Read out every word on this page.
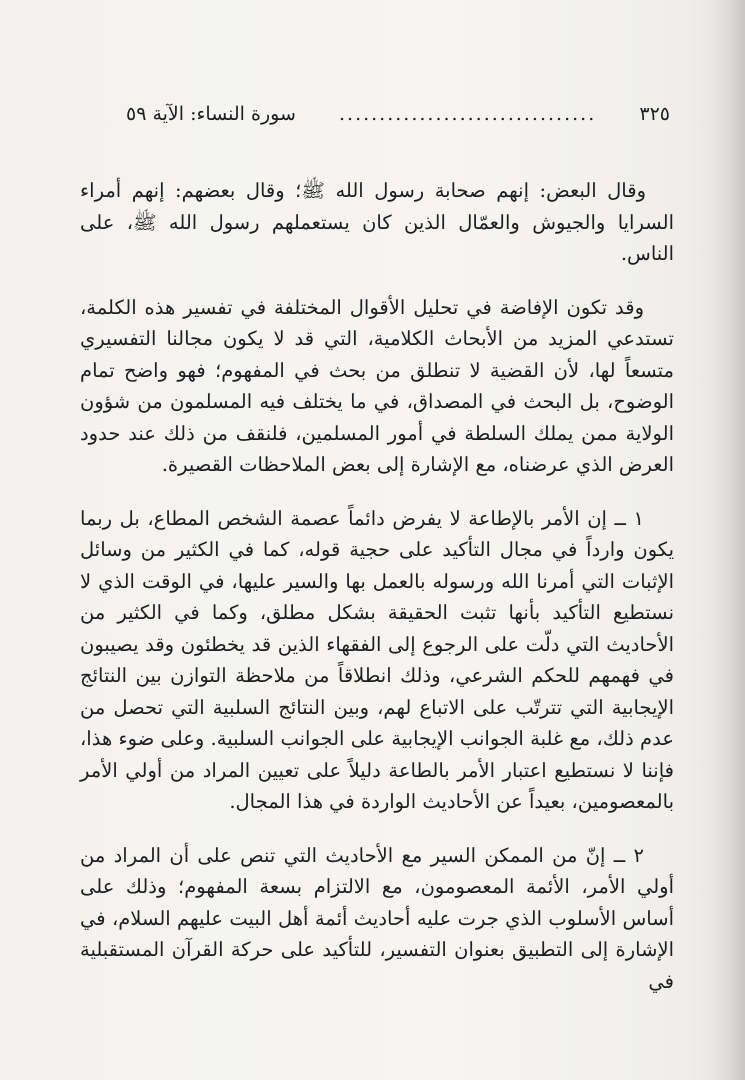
سورة النساء: الآية ٥٩	................................	٣٢٥

وقال البعض: إنهم صحابة رسول الله ﷺ؛ وقال بعضهم: إنهم أمراء السرايا والجيوش والعمّال الذين كان يستعملهم رسول الله ﷺ، على الناس.

وقد تكون الإفاضة في تحليل الأقوال المختلفة في تفسير هذه الكلمة، تستدعي المزيد من الأبحاث الكلامية، التي قد لا يكون مجالنا التفسيري متسعاً لها، لأن القضية لا تنطلق من بحث في المفهوم؛ فهو واضح تمام الوضوح، بل البحث في المصداق، في ما يختلف فيه المسلمون من شؤون الولاية ممن يملك السلطة في أمور المسلمين، فلنقف من ذلك عند حدود العرض الذي عرضناه، مع الإشارة إلى بعض الملاحظات القصيرة.

١ ــ إن الأمر بالإطاعة لا يفرض دائماً عصمة الشخص المطاع، بل ربما يكون وارداً في مجال التأكيد على حجية قوله، كما في الكثير من وسائل الإثبات التي أمرنا الله ورسوله بالعمل بها والسير عليها، في الوقت الذي لا نستطيع التأكيد بأنها تثبت الحقيقة بشكل مطلق، وكما في الكثير من الأحاديث التي دلّت على الرجوع إلى الفقهاء الذين قد يخطئون وقد يصيبون في فهمهم للحكم الشرعي، وذلك انطلاقاً من ملاحظة التوازن بين النتائج الإيجابية التي تترتّب على الاتباع لهم، وبين النتائج السلبية التي تحصل من عدم ذلك، مع غلبة الجوانب الإيجابية على الجوانب السلبية. وعلى ضوء هذا، فإننا لا نستطيع اعتبار الأمر بالطاعة دليلاً على تعيين المراد من أولي الأمر بالمعصومين، بعيداً عن الأحاديث الواردة في هذا المجال.

٢ ــ إنّ من الممكن السير مع الأحاديث التي تنص على أن المراد من أولي الأمر، الأئمة المعصومون، مع الالتزام بسعة المفهوم؛ وذلك على أساس الأسلوب الذي جرت عليه أحاديث أئمة أهل البيت عليهم السلام، في الإشارة إلى التطبيق بعنوان التفسير، للتأكيد على حركة القرآن المستقبلية في
